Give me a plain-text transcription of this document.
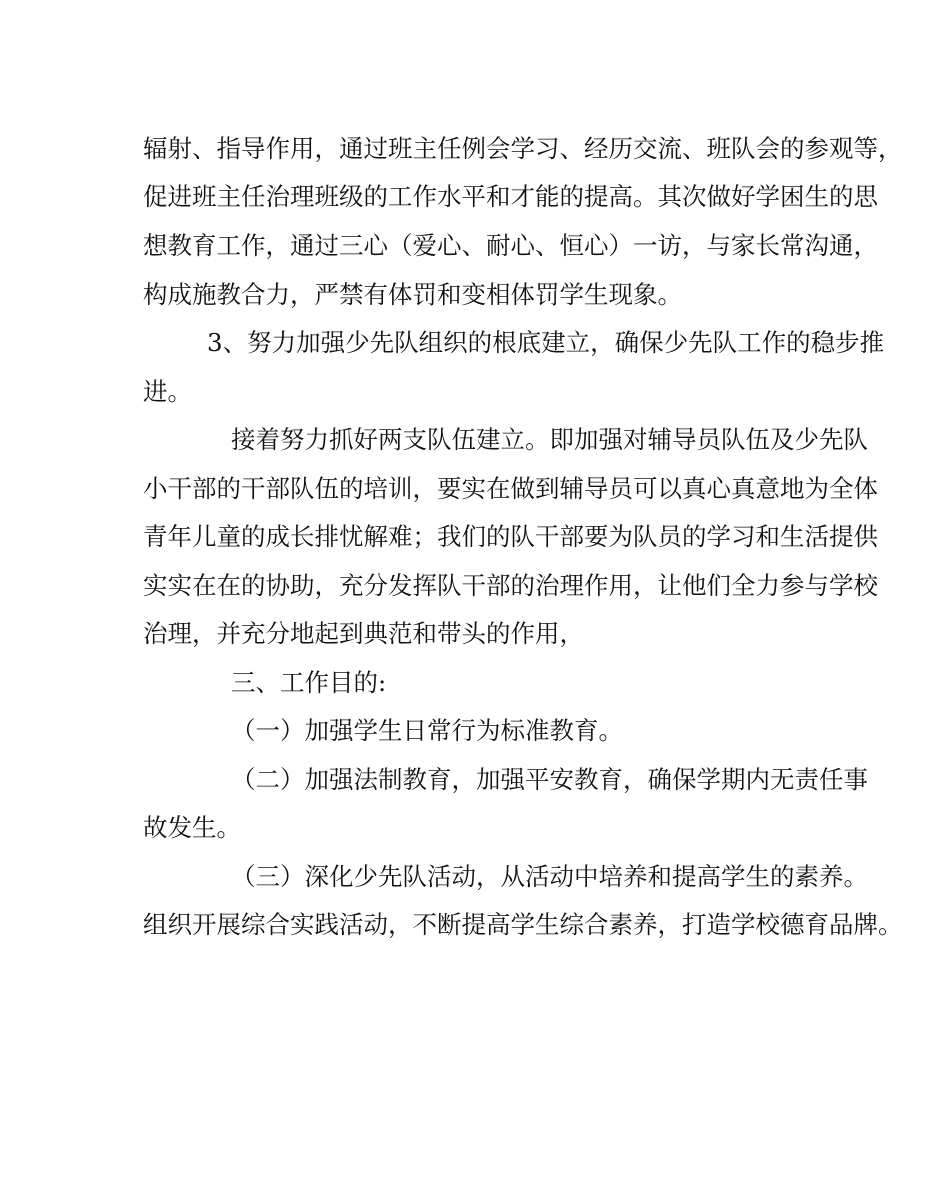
辐射、指导作用，通过班主任例会学习、经历交流、班队会的参观等，
促进班主任治理班级的工作水平和才能的提高。其次做好学困生的思
想教育工作，通过三心（爱心、耐心、恒心）一访，与家长常沟通，
构成施教合力，严禁有体罚和变相体罚学生现象。
3、努力加强少先队组织的根底建立，确保少先队工作的稳步推
进。
接着努力抓好两支队伍建立。即加强对辅导员队伍及少先队
小干部的干部队伍的培训，要实在做到辅导员可以真心真意地为全体
青年儿童的成长排忧解难；我们的队干部要为队员的学习和生活提供
实实在在的协助，充分发挥队干部的治理作用，让他们全力参与学校
治理，并充分地起到典范和带头的作用，
三、工作目的:
（一）加强学生日常行为标准教育。
（二）加强法制教育，加强平安教育，确保学期内无责任事
故发生。
（三）深化少先队活动，从活动中培养和提高学生的素养。
组织开展综合实践活动，不断提高学生综合素养，打造学校德育品牌。
